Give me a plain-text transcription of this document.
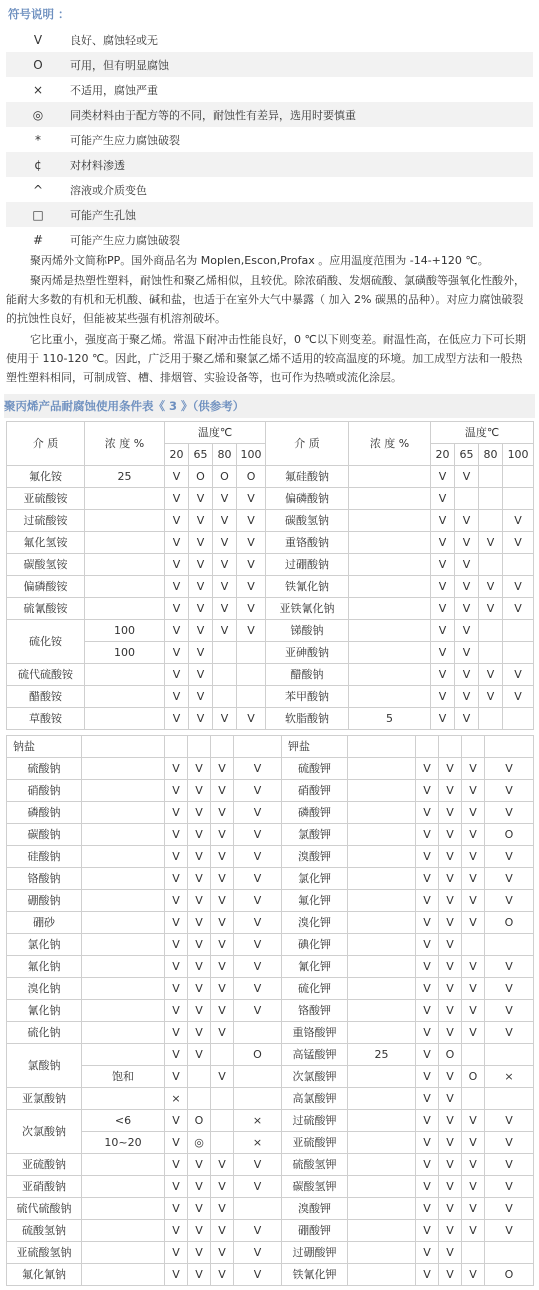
符号说明 ：
V	良好、腐蚀轻或无
O	可用，但有明显腐蚀
×	不适用，腐蚀严重
◎	同类材料由于配方等的不同，耐蚀性有差异，选用时要慎重
*	可能产生应力腐蚀破裂
¢	对材料渗透
^	溶液或介质变色
□	可能产生孔蚀
#	可能产生应力腐蚀破裂
聚丙烯外文简称PP。国外商品名为 Moplen,Escon,Profax 。应用温度范围为 -14-+120 ℃。
聚丙烯是热塑性塑料，耐蚀性和聚乙烯相似，且较优。除浓硝酸、发烟硫酸、氯磺酸等强氧化性酸外，能耐大多数的有机和无机酸、碱和盐，也适于在室外大气中暴露（ 加入 2% 碳黑的品种）。对应力腐蚀破裂的抗蚀性良好，但能被某些强有机溶剂破坏。
它比重小，强度高于聚乙烯。常温下耐冲击性能良好，0 ℃以下则变差。耐温性高，在低应力下可长期使用于 110-120 ℃。因此，广泛用于聚乙烯和聚氯乙烯不适用的较高温度的环境。加工成型方法和一般热塑性塑料相同，可制成管、槽、排烟管、实验设备等，也可作为热喷或流化涂层。
聚丙烯产品耐腐蚀使用条件表《 3 》（供参考）
介 质	浓 度 %	温度℃				介 质	浓 度 %	温度℃			
		20	65	80	100			20	65	80	100
氟化铵	25	V	O	O	O	氟硅酸钠		V	V		
亚硫酸铵		V	V	V	V	偏磷酸钠		V			
过硫酸铵		V	V	V	V	碳酸氢钠		V	V		V
氟化氢铵		V	V	V	V	重铬酸钠		V	V	V	V
碳酸氢铵		V	V	V	V	过硼酸钠		V	V		
偏磷酸铵		V	V	V	V	铁氰化钠		V	V	V	V
硫氰酸铵		V	V	V	V	亚铁氰化钠		V	V	V	V
硫化铵	100	V	V	V	V	锑酸钠		V	V		
	100	V	V			亚砷酸钠		V	V		
硫代硫酸铵		V	V			醋酸钠		V	V	V	V
醋酸铵		V	V			苯甲酸钠		V	V	V	V
草酸铵		V	V	V	V	软脂酸钠	5	V	V		
钠盐						钾盐					
硫酸钠		V	V	V	V	硫酸钾		V	V	V	V
硝酸钠		V	V	V	V	硝酸钾		V	V	V	V
磷酸钠		V	V	V	V	磷酸钾		V	V	V	V
碳酸钠		V	V	V	V	氯酸钾		V	V	V	O
硅酸钠		V	V	V	V	溴酸钾		V	V	V	V
铬酸钠		V	V	V	V	氯化钾		V	V	V	V
硼酸钠		V	V	V	V	氟化钾		V	V	V	V
硼砂		V	V	V	V	溴化钾		V	V	V	O
氯化钠		V	V	V	V	碘化钾		V	V		
氟化钠		V	V	V	V	氰化钾		V	V	V	V
溴化钠		V	V	V	V	硫化钾		V	V	V	V
氰化钠		V	V	V	V	铬酸钾		V	V	V	V
硫化钠		V	V	V		重铬酸钾		V	V	V	V
氯酸钠		V	V		O	高锰酸钾	25	V	O		
	饱和	V		V		次氯酸钾		V	V	O	×
亚氯酸钠		×				高氯酸钾		V	V		
次氯酸钠	<6	V	O		×	过硫酸钾		V	V	V	V
	10~20	V	◎		×	亚硫酸钾		V	V	V	V
亚硫酸钠		V	V	V	V	硫酸氢钾		V	V	V	V
亚硝酸钠		V	V	V	V	碳酸氢钾		V	V	V	V
硫代硫酸钠		V	V	V		溴酸钾		V	V	V	V
硫酸氢钠		V	V	V	V	硼酸钾		V	V	V	V
亚硫酸氢钠		V	V	V	V	过硼酸钾		V	V		
氟化氰钠		V	V	V	V	铁氰化钾		V	V	V	O
